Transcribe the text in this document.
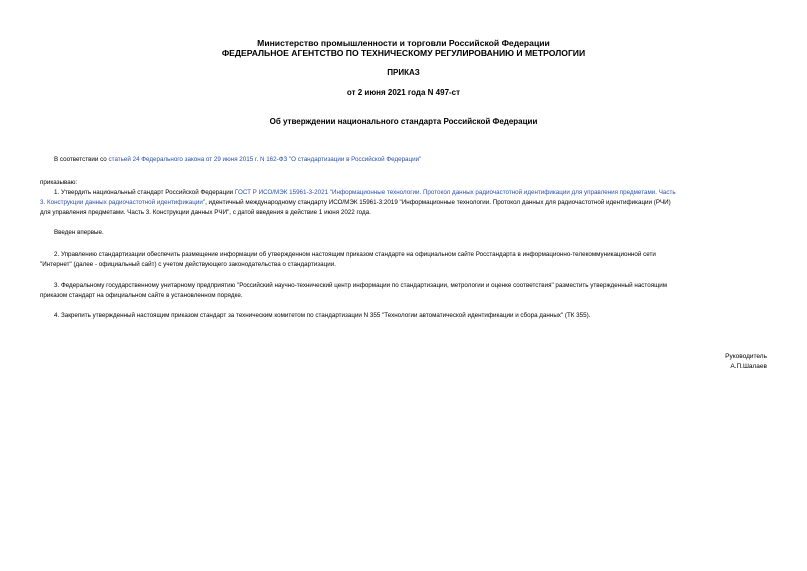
Министерство промышленности и торговли Российской Федерации
ФЕДЕРАЛЬНОЕ АГЕНТСТВО ПО ТЕХНИЧЕСКОМУ РЕГУЛИРОВАНИЮ И МЕТРОЛОГИИ
ПРИКАЗ
от 2 июня 2021 года N 497-ст
Об утверждении национального стандарта Российской Федерации
В соответствии со статьей 24 Федерального закона от 29 июня 2015 г. N 162-ФЗ "О стандартизации в Российской Федерации"
приказываю:
1. Утвердить национальный стандарт Российской Федерации ГОСТ Р ИСО/МЭК 15961-3-2021 "Информационные технологии. Протокол данных радиочастотной идентификации для управления предметами. Часть
3. Конструкции данных радиочастотной идентификации", идентичный международному стандарту ИСО/МЭК 15961-3:2019 "Информационные технологии. Протокол данных для радиочастотной идентификации (РЧИ)
для управления предметами. Часть 3. Конструкции данных РЧИ", с датой введения в действие 1 июня 2022 года.
Введен впервые.
2. Управлению стандартизации обеспечить размещение информации об утвержденном настоящим приказом стандарте на официальном сайте Росстандарта в информационно-телекоммуникационной сети
"Интернет" (далее - официальный сайт) с учетом действующего законодательства о стандартизации.
3. Федеральному государственному унитарному предприятию "Российский научно-технический центр информации по стандартизации, метрологии и оценке соответствия" разместить утвержденный настоящим
приказом стандарт на официальном сайте в установленном порядке.
4. Закрепить утвержденный настоящим приказом стандарт за техническим комитетом по стандартизации N 355 "Технологии автоматической идентификации и сбора данных" (ТК 355).
Руководитель
А.П.Шалаев
